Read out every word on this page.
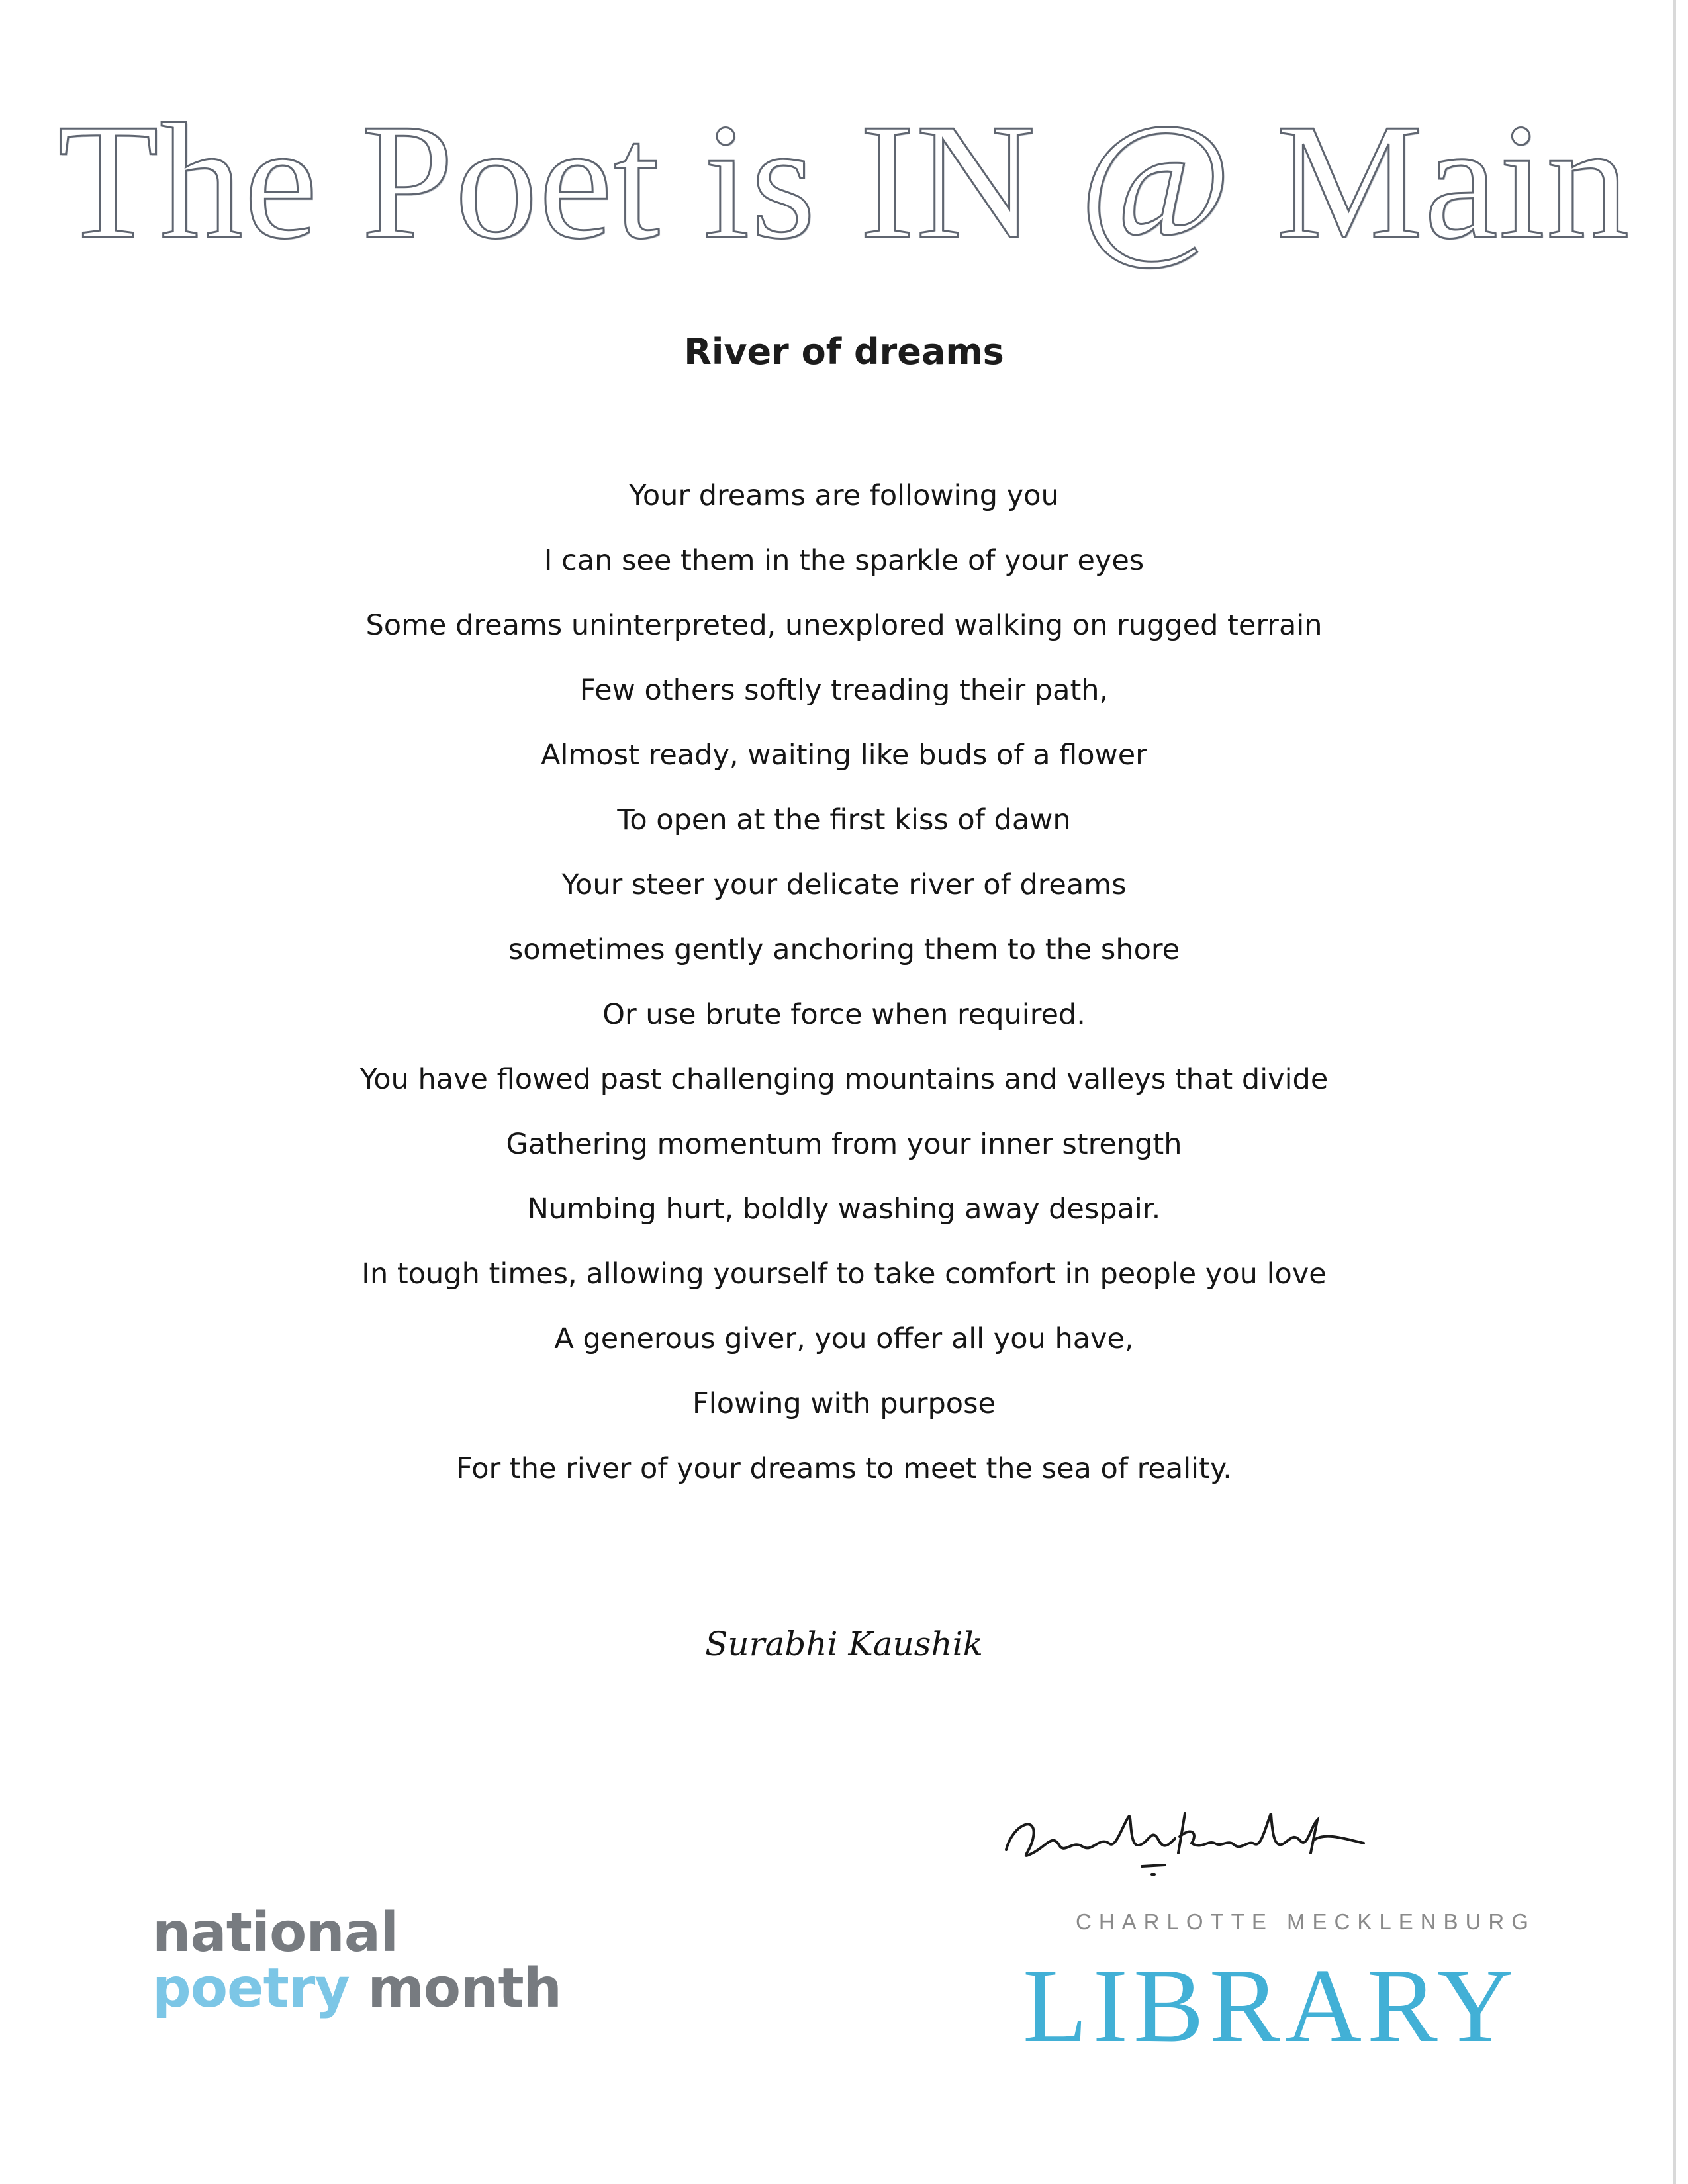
The Poet is IN @ Main
River of dreams
Your dreams are following you
I can see them in the sparkle of your eyes
Some dreams uninterpreted, unexplored walking on rugged terrain
Few others softly treading their path,
Almost ready, waiting like buds of a flower
To open at the first kiss of dawn
Your steer your delicate river of dreams
sometimes gently anchoring them to the shore
Or use brute force when required.
You have flowed past challenging mountains and valleys that divide
Gathering momentum from your inner strength
Numbing hurt, boldly washing away despair.
In tough times, allowing yourself to take comfort in people you love
A generous giver, you offer all you have,
Flowing with purpose
For the river of your dreams to meet the sea of reality.
Surabhi Kaushik
national
poetry month
CHARLOTTE MECKLENBURG
LIBRARY
